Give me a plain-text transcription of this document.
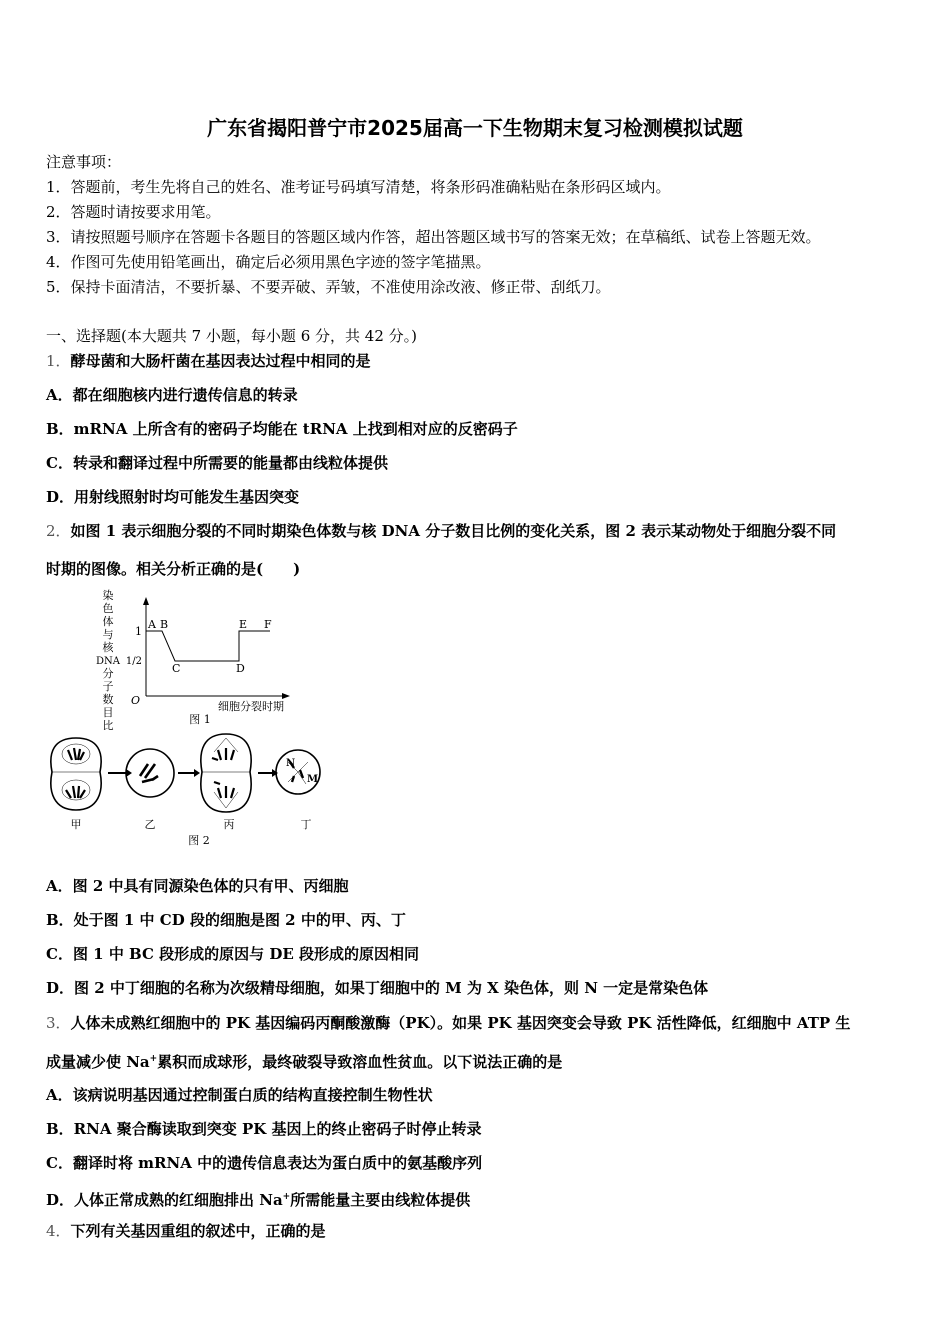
广东省揭阳普宁市2025届高一下生物期末复习检测模拟试题
注意事项：
1．答题前，考生先将自己的姓名、准考证号码填写清楚，将条形码准确粘贴在条形码区域内。
2．答题时请按要求用笔。
3．请按照题号顺序在答题卡各题目的答题区域内作答，超出答题区域书写的答案无效；在草稿纸、试卷上答题无效。
4．作图可先使用铅笔画出，确定后必须用黑色字迹的签字笔描黑。
5．保持卡面清洁，不要折暴、不要弄破、弄皱，不准使用涂改液、修正带、刮纸刀。
一、选择题(本大题共 7 小题，每小题 6 分，共 42 分。)
1．酵母菌和大肠杆菌在基因表达过程中相同的是
A．都在细胞核内进行遗传信息的转录
B．mRNA 上所含有的密码子均能在 tRNA 上找到相对应的反密码子
C．转录和翻译过程中所需要的能量都由线粒体提供
D．用射线照射时均可能发生基因突变
2．如图 1 表示细胞分裂的不同时期染色体数与核 DNA 分子数目比例的变化关系，图 2 表示某动物处于细胞分裂不同
时期的图像。相关分析正确的是(　　)
染
色
体
与
核
DNA
分
子
数
目
比
1
1/2
O
A B
C	D
E F
细胞分裂时期
图 1
N
M
甲	乙	丙	丁
图 2
A．图 2 中具有同源染色体的只有甲、丙细胞
B．处于图 1 中 CD 段的细胞是图 2 中的甲、丙、丁
C．图 1 中 BC 段形成的原因与 DE 段形成的原因相同
D．图 2 中丁细胞的名称为次级精母细胞，如果丁细胞中的 M 为 X 染色体，则 N 一定是常染色体
3．人体未成熟红细胞中的 PK 基因编码丙酮酸激酶（PK）。如果 PK 基因突变会导致 PK 活性降低，红细胞中 ATP 生
成量减少使 Na+累积而成球形，最终破裂导致溶血性贫血。以下说法正确的是
A．该病说明基因通过控制蛋白质的结构直接控制生物性状
B．RNA 聚合酶读取到突变 PK 基因上的终止密码子时停止转录
C．翻译时将 mRNA 中的遗传信息表达为蛋白质中的氨基酸序列
D．人体正常成熟的红细胞排出 Na+所需能量主要由线粒体提供
4．下列有关基因重组的叙述中，正确的是
